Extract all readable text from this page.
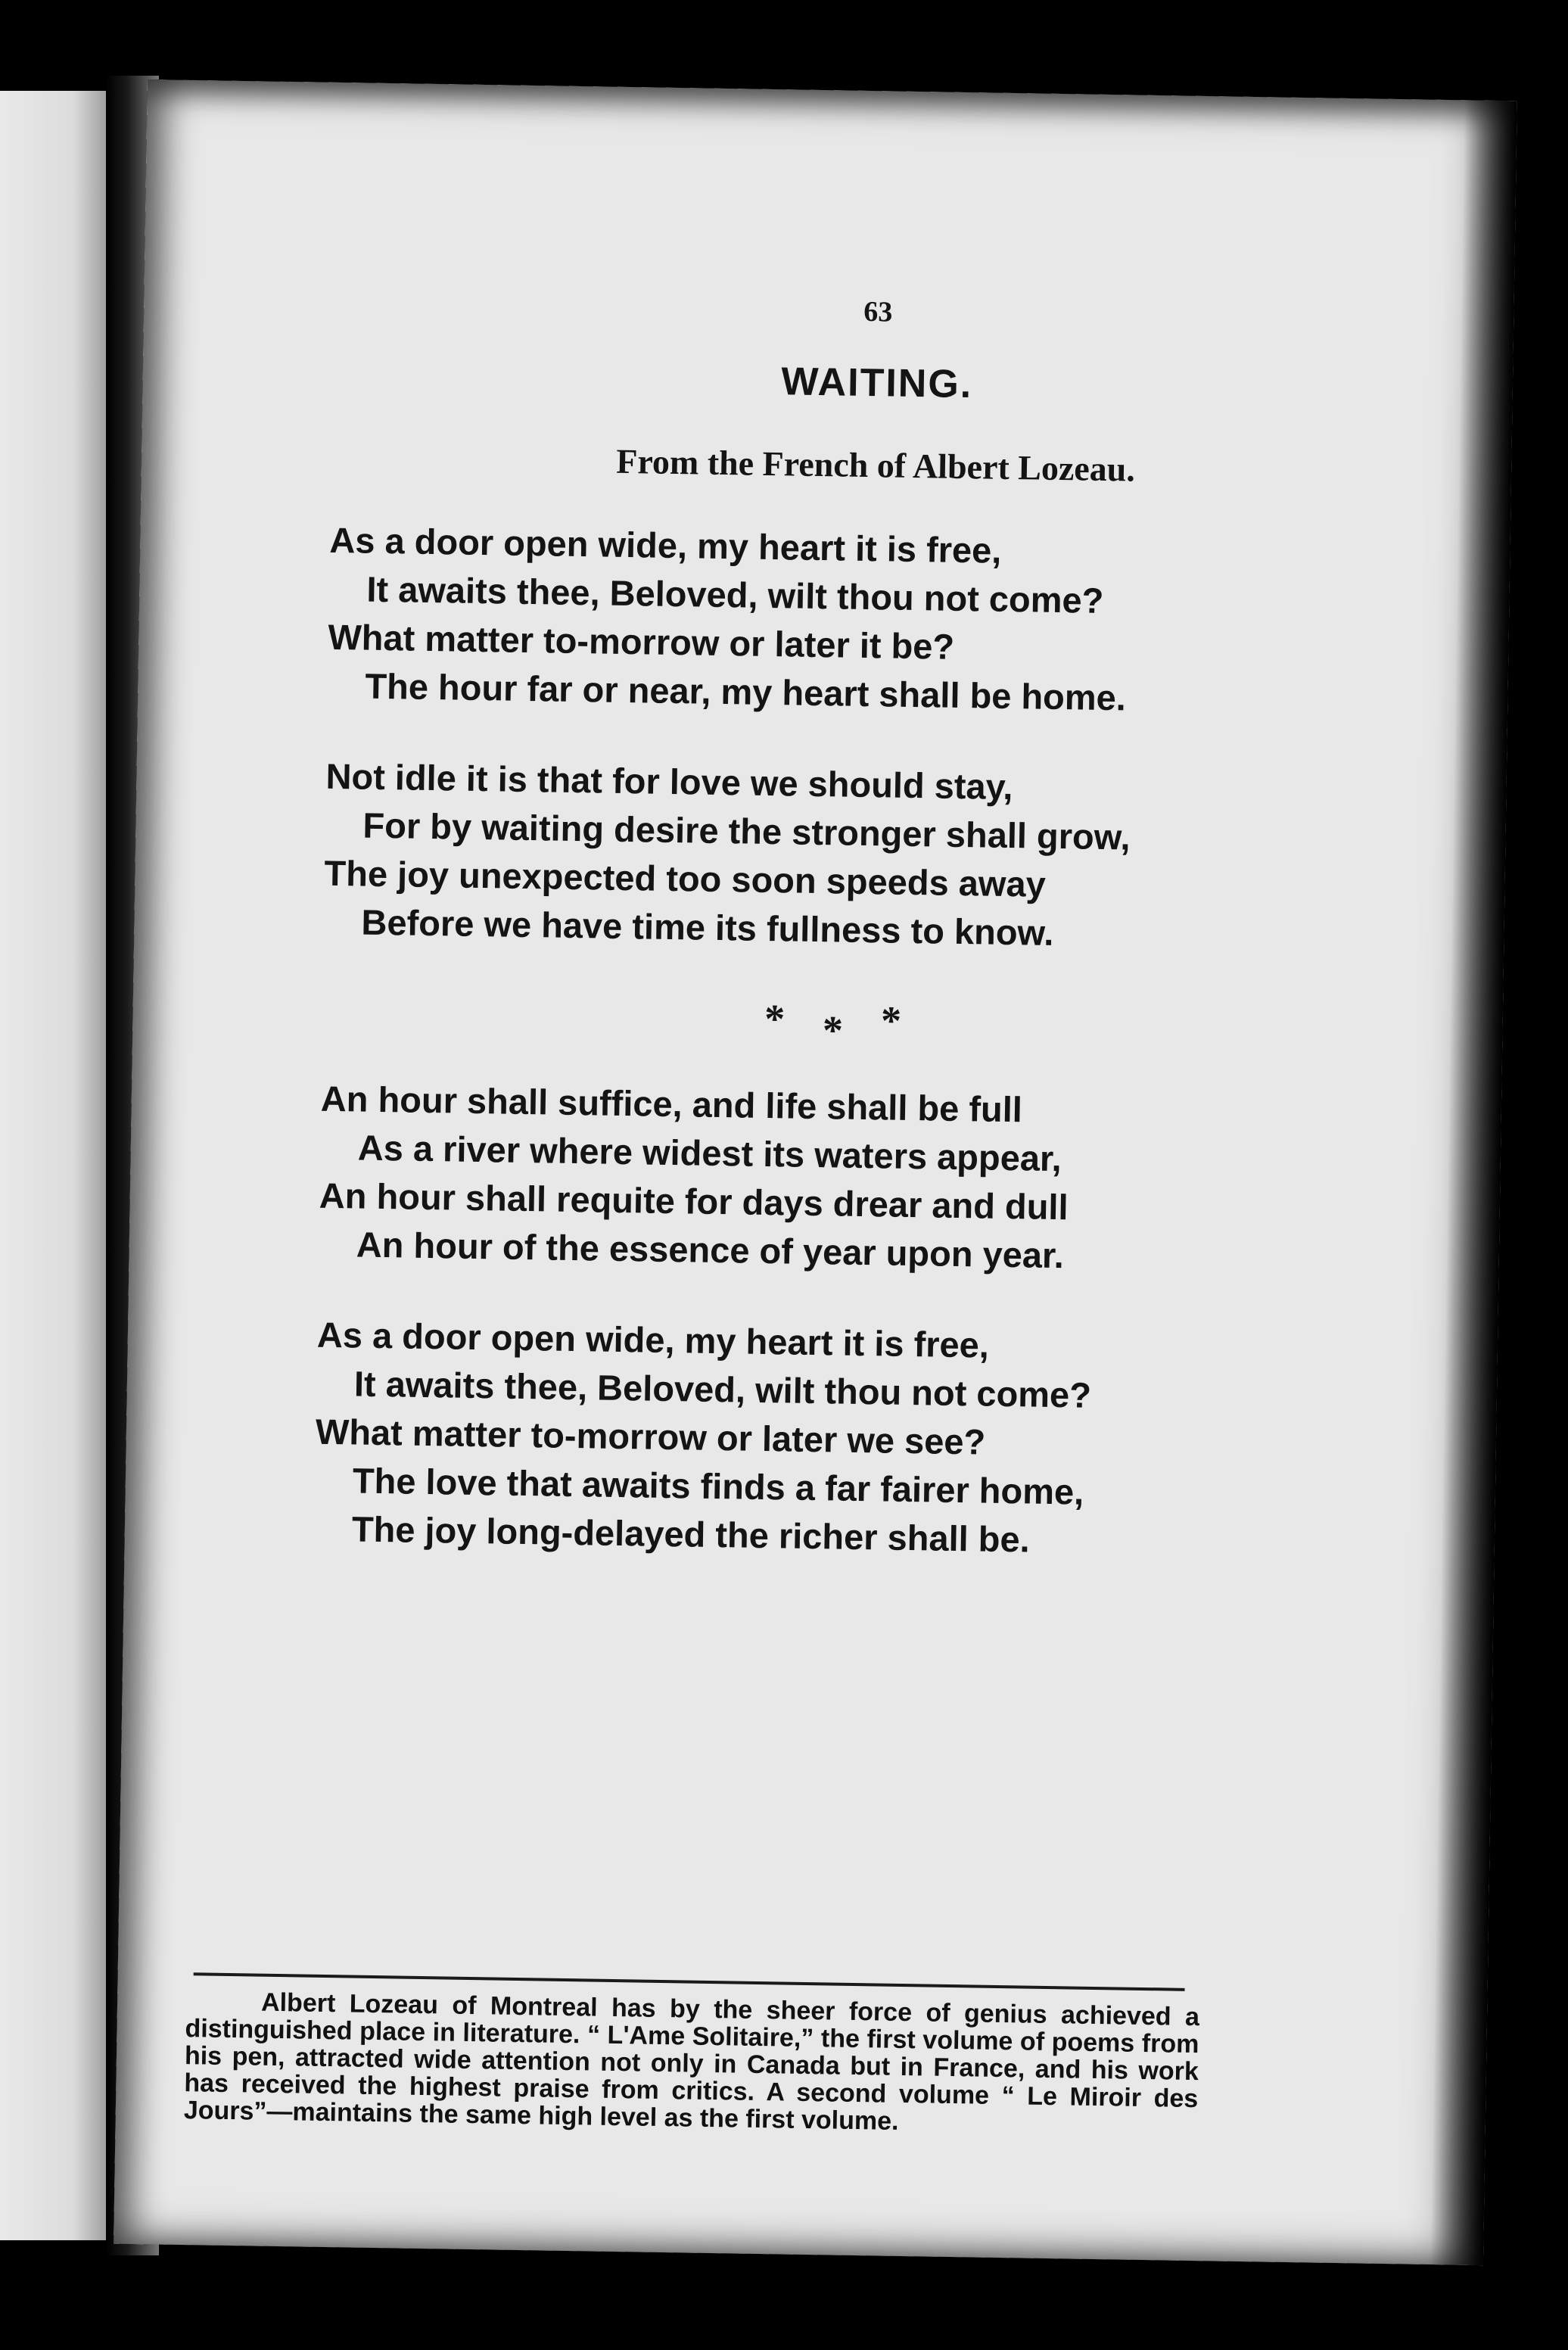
63
WAITING.
From the French of Albert Lozeau.
As a door open wide, my heart it is free,
It awaits thee, Beloved, wilt thou not come?
What matter to-morrow or later it be?
The hour far or near, my heart shall be home.
Not idle it is that for love we should stay,
For by waiting desire the stronger shall grow,
The joy unexpected too soon speeds away
Before we have time its fullness to know.
***
An hour shall suffice, and life shall be full
As a river where widest its waters appear,
An hour shall requite for days drear and dull
An hour of the essence of year upon year.
As a door open wide, my heart it is free,
It awaits thee, Beloved, wilt thou not come?
What matter to-morrow or later we see?
The love that awaits finds a far fairer home,
The joy long-delayed the richer shall be.
Albert Lozeau of Montreal has by the sheer force of genius achieved a distinguished place in literature. “ L'Ame Solitaire,” the first volume of poems from his pen, attracted wide attention not only in Canada but in France, and his work has received the highest praise from critics. A second volume “ Le Miroir des Jours”—maintains the same high level as the first volume.
